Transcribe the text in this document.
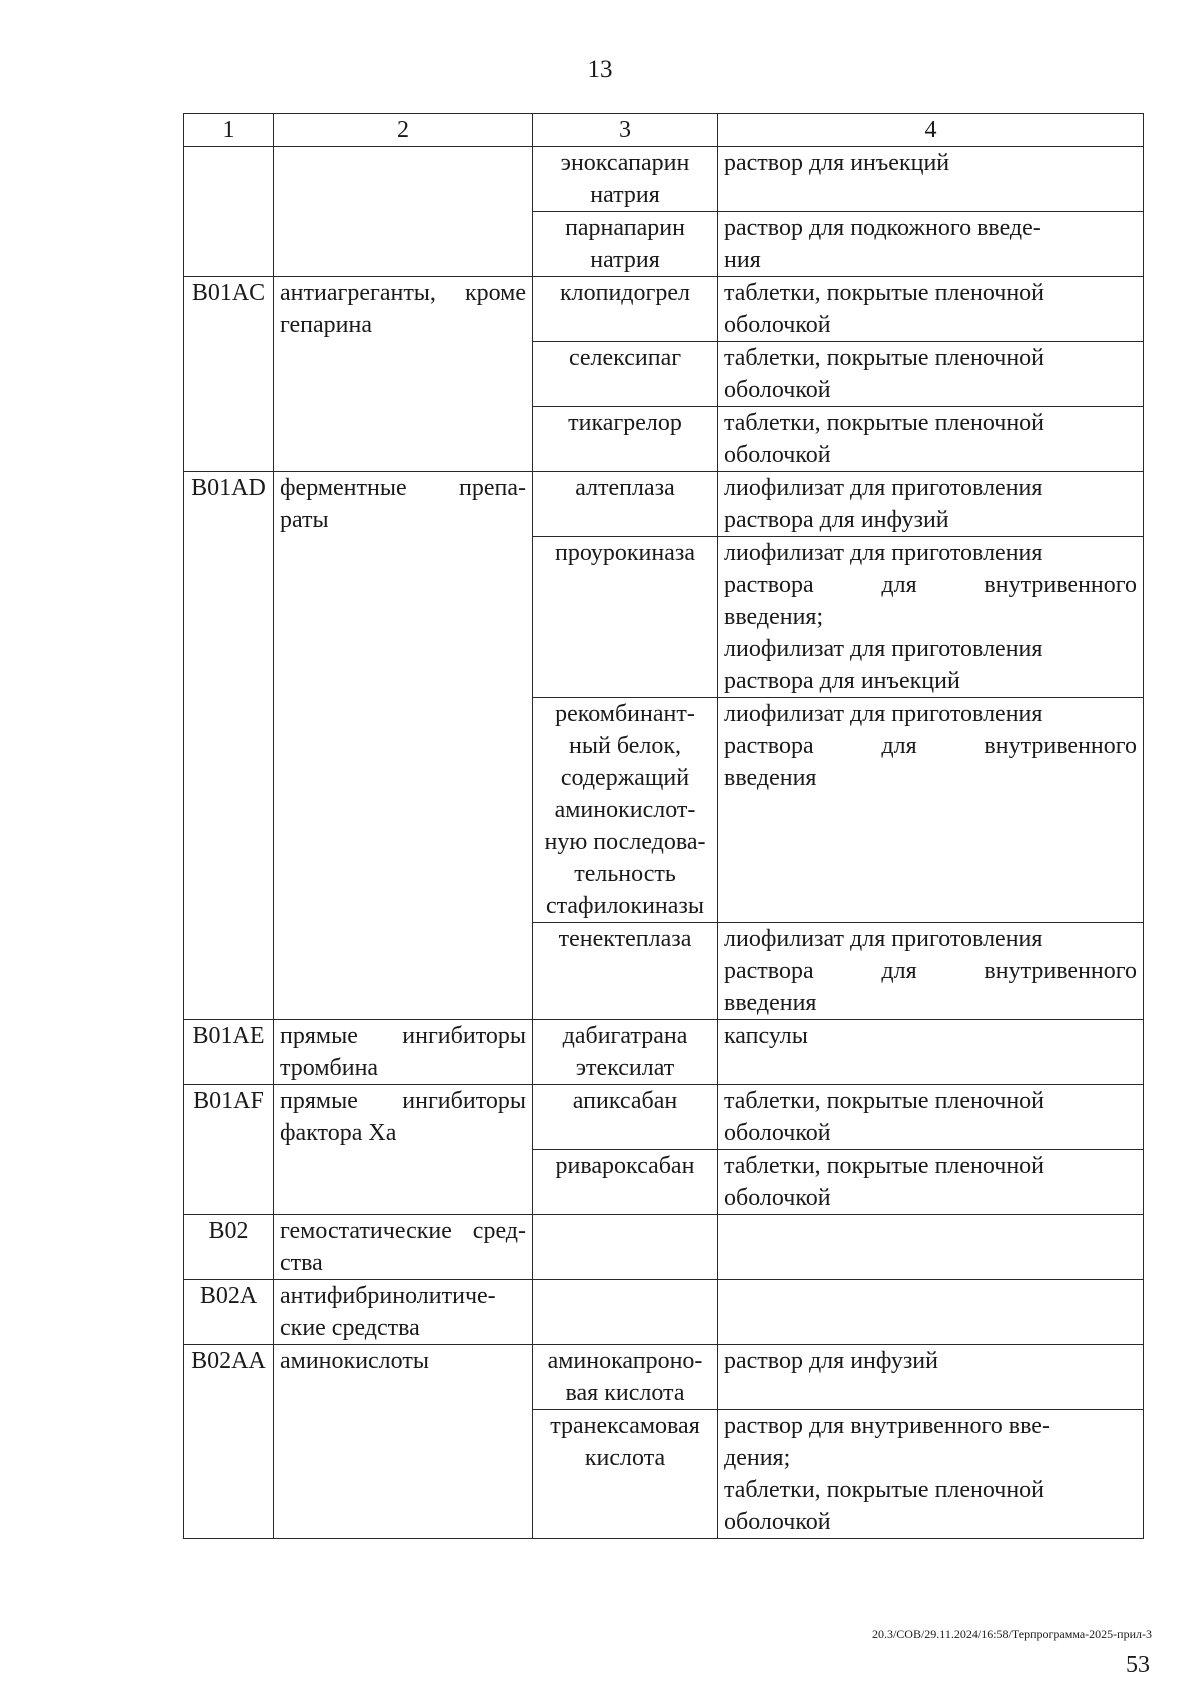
13
1	2	3	4
		эноксапарин натрия	раствор для инъекций

		парнапарин натрия	раствор для подкожного введе-
ния

B01AC	антиагреганты, кроме гепарина	клопидогрел	таблетки, покрытые пленочной
оболочкой

		селексипаг	таблетки, покрытые пленочной
оболочкой

		тикагрелор	таблетки, покрытые пленочной
оболочкой

B01AD	ферментные препа- раты	алтеплаза	лиофилизат для приготовления
раствора для инфузий

		проурокиназа	лиофилизат для приготовления
раствора для внутривенного
введения;
лиофилизат для приготовления
раствора для инъекций

		рекомбинант- ный белок, содержащий аминокислот- ную последова- тельность стафилокиназы	лиофилизат для приготовления
раствора для внутривенного
введения

		тенектеплаза	лиофилизат для приготовления
раствора для внутривенного
введения

B01AE	прямые ингибиторы тромбина	дабигатрана этексилат	капсулы

B01AF	прямые ингибиторы фактора Ха	апиксабан	таблетки, покрытые пленочной
оболочкой

		ривароксабан	таблетки, покрытые пленочной
оболочкой

B02	гемостатические сред- ства		
B02A	антифибринолитиче- ские средства		
B02AA	аминокислоты	аминокапроно- вая кислота	раствор для инфузий

		транексамовая кислота	раствор для внутривенного вве-
дения;
таблетки, покрытые пленочной
оболочкой
20.3/СОВ/29.11.2024/16:58/Терпрограмма-2025-прил-3
53
